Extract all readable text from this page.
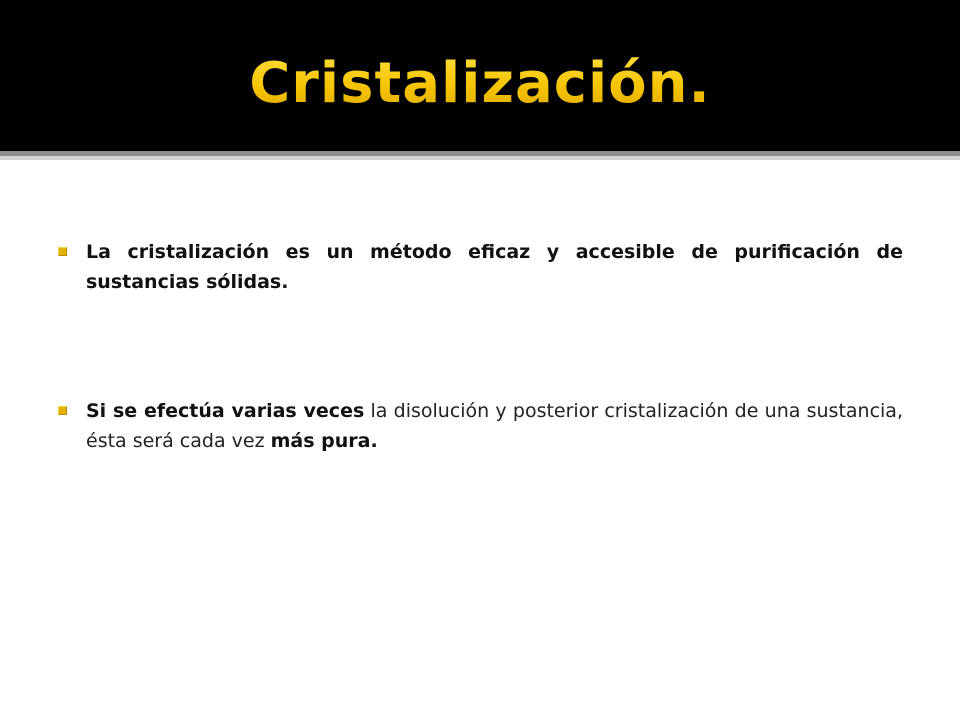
Cristalización.
La cristalización es un método eficaz y accesible de purificación de sustancias sólidas.
Si se efectúa varias veces la disolución y posterior cristalización de una sustancia, ésta será cada vez más pura.
